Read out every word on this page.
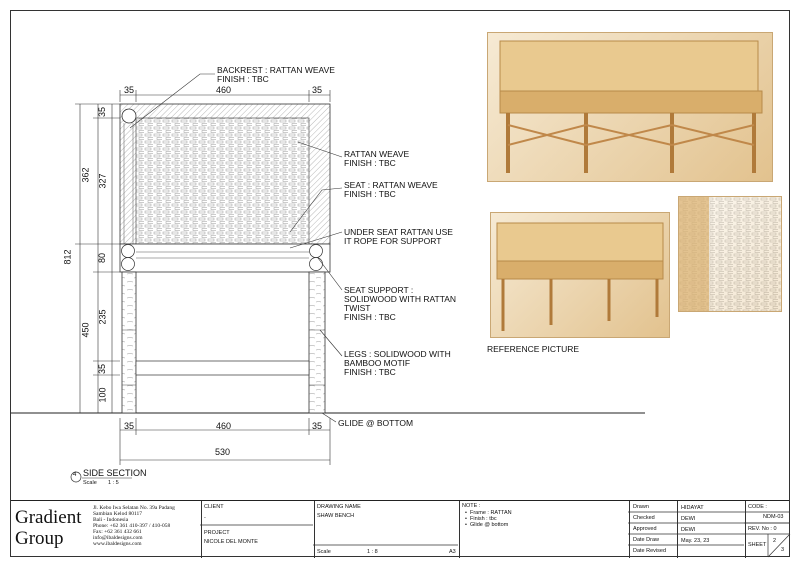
35	460	35
35	460	35
530
812
362
450
35
327
80
235
35
100
BACKREST : RATTAN WEAVE
FINISH : TBC
RATTAN WEAVE
FINISH : TBC
SEAT : RATTAN WEAVE
FINISH : TBC
UNDER SEAT RATTAN USE
IT ROPE FOR SUPPORT
SEAT SUPPORT :
SOLIDWOOD WITH RATTAN
TWIST
FINISH : TBC
LEGS : SOLIDWOOD WITH
BAMBOO MOTIF
FINISH : TBC
GLIDE @ BOTTOM
4 SIDE SECTION
Scale 1 : 5
REFERENCE PICTURE
Gradient
Group
Jl. Kebo Iwa Selatan No. 39a Padang
Sambian Kelod 80117
Bali - Indonesia
Phone: +62 361 410-397 / 410-058
Fax: +62 361 432 661
info@ibaldesigns.com
www.ibaldesigns.com
CLIENT
-
PROJECT
NICOLE DEL MONTE
DRAWING NAME
SHAW BENCH
Scale	1 : 8	A3
NOTE :
•  Frame : RATTAN
•  Finish : tbc
•  Glide @ bottom
Drawn	HIDAYAT
Checked	DEWI
Approved	DEWI
Date Draw	May. 23, 23
Date Revised
CODE :
NDM-03
REV. No : 0
SHEET
2
3
